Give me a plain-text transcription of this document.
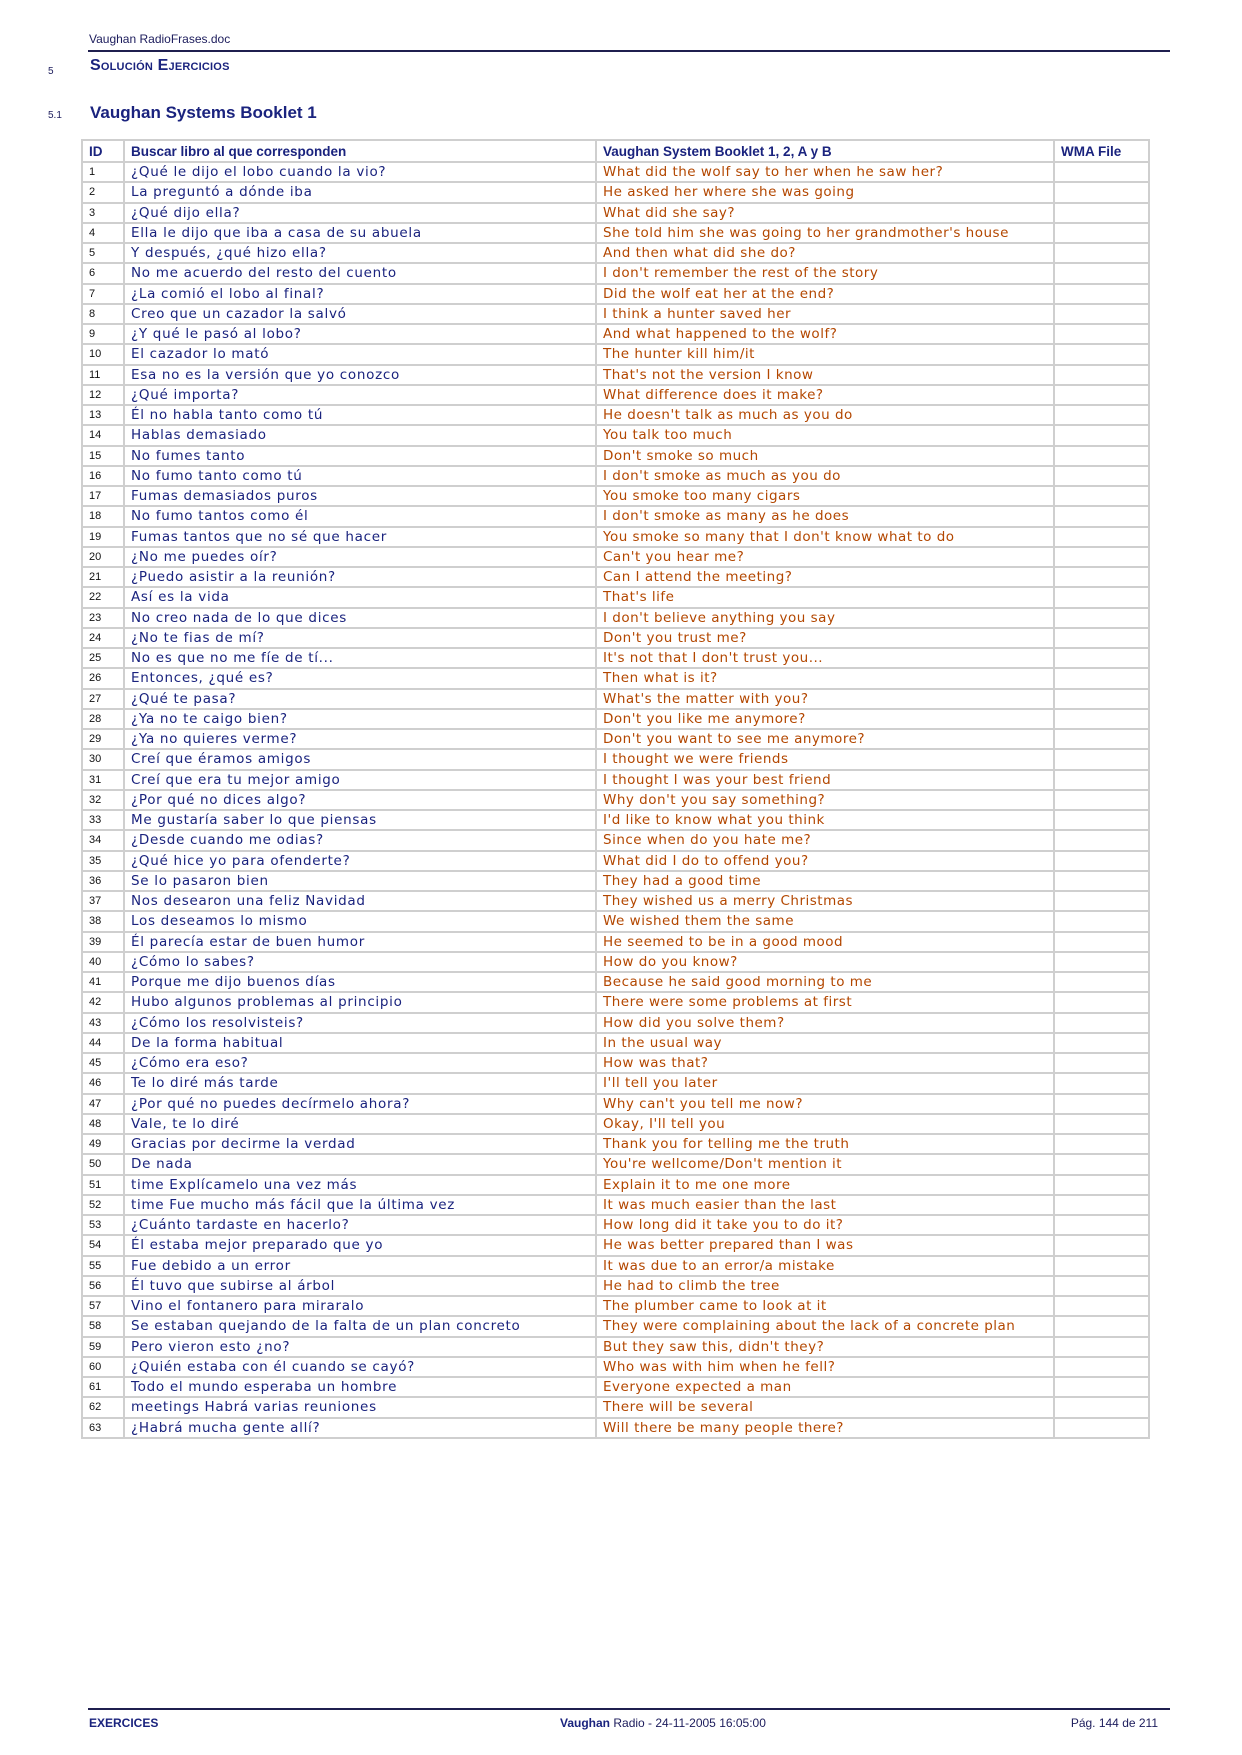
Vaughan RadioFrases.doc
5 Solución Ejercicios
5.1 Vaughan Systems Booklet 1
ID	Buscar libro al que corresponden	Vaughan System Booklet 1, 2, A y B	WMA File
1	¿Qué le dijo el lobo cuando la vio?	What did the wolf say to her when he saw her?	
2	La preguntó a dónde iba	He asked her where she was going	
3	¿Qué dijo ella?	What did she say?	
4	Ella le dijo que iba a casa de su abuela	She told him she was going to her grandmother's house	
5	Y después, ¿qué hizo ella?	And then what did she do?	
6	No me acuerdo del resto del cuento	I don't remember the rest of the story	
7	¿La comió el lobo al final?	Did the wolf eat her at the end?	
8	Creo que un cazador la salvó	I think a hunter saved her	
9	¿Y qué le pasó al lobo?	And what happened to the wolf?	
10	El cazador lo mató	The hunter kill him/it	
11	Esa no es la versión que yo conozco	That's not the version I know	
12	¿Qué importa?	What difference does it make?	
13	Él no habla tanto como tú	He doesn't talk as much as you do	
14	Hablas demasiado	You talk too much	
15	No fumes tanto	Don't smoke so much	
16	No fumo tanto como tú	I don't smoke as much as you do	
17	Fumas demasiados puros	You smoke too many cigars	
18	No fumo tantos como él	I don't smoke as many as he does	
19	Fumas tantos que no sé que hacer	You smoke so many that I don't know what to do	
20	¿No me puedes oír?	Can't you hear me?	
21	¿Puedo asistir a la reunión?	Can I attend the meeting?	
22	Así es la vida	That's life	
23	No creo nada de lo que dices	I don't believe anything you say	
24	¿No te fias de mí?	Don't you trust me?	
25	No es que no me fíe de tí...	It's not that I don't trust you...	
26	Entonces, ¿qué es?	Then what is it?	
27	¿Qué te pasa?	What's the matter with you?	
28	¿Ya no te caigo bien?	Don't you like me anymore?	
29	¿Ya no quieres verme?	Don't you want to see me anymore?	
30	Creí que éramos amigos	I thought we were friends	
31	Creí que era tu mejor amigo	I thought I was your best friend	
32	¿Por qué no dices algo?	Why don't you say something?	
33	Me gustaría saber lo que piensas	I'd like to know what you think	
34	¿Desde cuando me odias?	Since when do you hate me?	
35	¿Qué hice yo para ofenderte?	What did I do to offend you?	
36	Se lo pasaron bien	They had a good time	
37	Nos desearon una feliz Navidad	They wished us a merry Christmas	
38	Los deseamos lo mismo	We wished them the same	
39	Él parecía estar de buen humor	He seemed to be in a good mood	
40	¿Cómo lo sabes?	How do you know?	
41	Porque me dijo buenos días	Because he said good morning to me	
42	Hubo algunos problemas al principio	There were some problems at first	
43	¿Cómo los resolvisteis?	How did you solve them?	
44	De la forma habitual	In the usual way	
45	¿Cómo era eso?	How was that?	
46	Te lo diré más tarde	I'll tell you later	
47	¿Por qué no puedes decírmelo ahora?	Why can't you tell me now?	
48	Vale, te lo diré	Okay, I'll tell you	
49	Gracias por decirme la verdad	Thank you for telling me the truth	
50	De nada	You're wellcome/Don't mention it	
51	time Explícamelo una vez más	Explain it to me one more	
52	time Fue mucho más fácil que la última vez	It was much easier than the last	
53	¿Cuánto tardaste en hacerlo?	How long did it take you to do it?	
54	Él estaba mejor preparado que yo	He was better prepared than I was	
55	Fue debido a un error	It was due to an error/a mistake	
56	Él tuvo que subirse al árbol	He had to climb the tree	
57	Vino el fontanero para miraralo	The plumber came to look at it	
58	Se estaban quejando de la falta de un plan concreto	They were complaining about the lack of a concrete plan	
59	Pero vieron esto ¿no?	But they saw this, didn't they?	
60	¿Quién estaba con él cuando se cayó?	Who was with him when he fell?	
61	Todo el mundo esperaba un hombre	Everyone expected a man	
62	meetings Habrá varias reuniones	There will be several	
63	¿Habrá mucha gente allí?	Will there be many people there?	
EXERCICES	Vaughan Radio - 24-11-2005 16:05:00	Pág. 144 de 211
